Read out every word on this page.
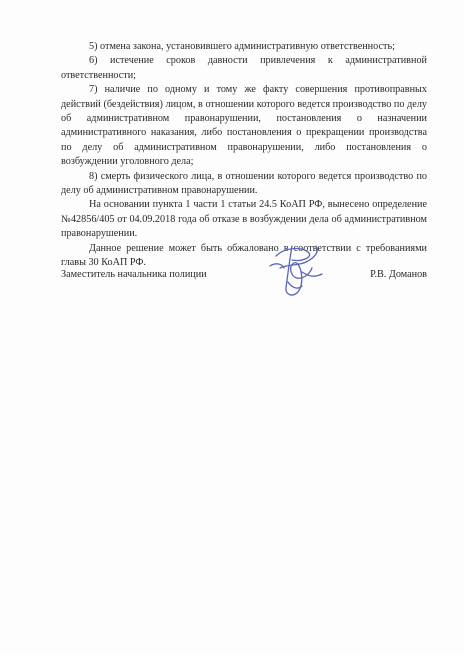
5) отмена закона, установившего административную ответственность;

6) истечение сроков давности привлечения к административной ответственности;

7) наличие по одному и тому же факту совершения противоправных действий (бездействия) лицом, в отношении которого ведется производство по делу об административном правонарушении, постановления о назначении административного наказания, либо постановления о прекращении производства по делу об административном правонарушении, либо постановления о возбуждении уголовного дела;

8) смерть физического лица, в отношении которого ведется производство по делу об административном правонарушении.

На основании пункта 1 части 1 статьи 24.5 КоАП РФ, вынесено определение №42856/405 от 04.09.2018 года об отказе в возбуждении дела об административном правонарушении.

Данное решение может быть обжаловано в соответствии с требованиями главы 30 КоАП РФ.

Заместитель начальника полиции	Р.В. Доманов
